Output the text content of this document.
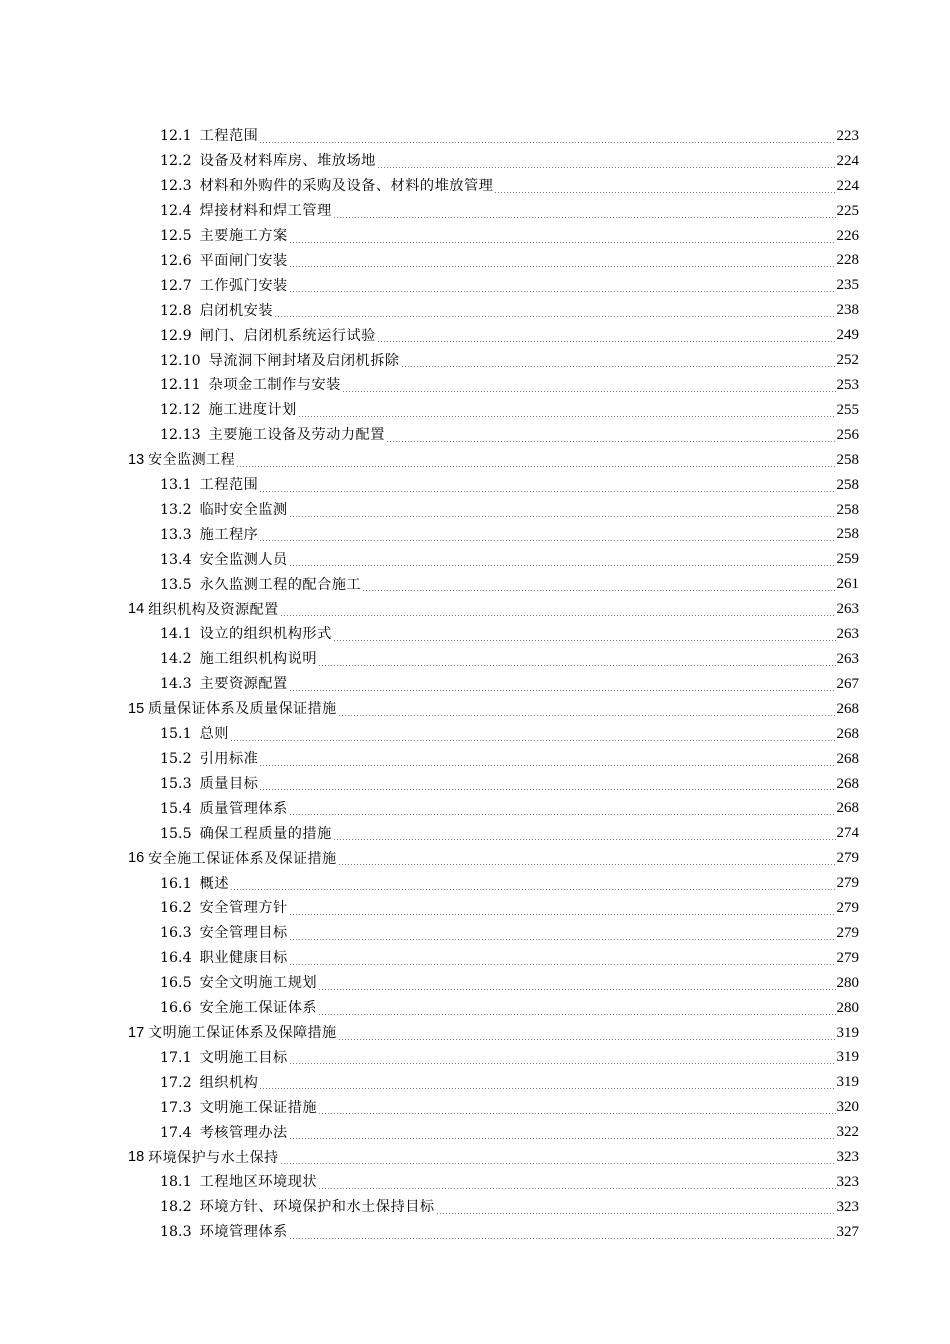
12.1 工程范围	223
12.2 设备及材料库房、堆放场地	224
12.3 材料和外购件的采购及设备、材料的堆放管理	224
12.4 焊接材料和焊工管理	225
12.5 主要施工方案	226
12.6 平面闸门安装	228
12.7 工作弧门安装	235
12.8 启闭机安装	238
12.9 闸门、启闭机系统运行试验	249
12.10 导流洞下闸封堵及启闭机拆除	252
12.11 杂项金工制作与安装	253
12.12 施工进度计划	255
12.13 主要施工设备及劳动力配置	256
13 安全监测工程	258
13.1 工程范围	258
13.2 临时安全监测	258
13.3 施工程序	258
13.4 安全监测人员	259
13.5 永久监测工程的配合施工	261
14 组织机构及资源配置	263
14.1 设立的组织机构形式	263
14.2 施工组织机构说明	263
14.3 主要资源配置	267
15 质量保证体系及质量保证措施	268
15.1 总则	268
15.2 引用标准	268
15.3 质量目标	268
15.4 质量管理体系	268
15.5 确保工程质量的措施	274
16 安全施工保证体系及保证措施	279
16.1 概述	279
16.2 安全管理方针	279
16.3 安全管理目标	279
16.4 职业健康目标	279
16.5 安全文明施工规划	280
16.6 安全施工保证体系	280
17 文明施工保证体系及保障措施	319
17.1 文明施工目标	319
17.2 组织机构	319
17.3 文明施工保证措施	320
17.4 考核管理办法	322
18 环境保护与水土保持	323
18.1 工程地区环境现状	323
18.2 环境方针、环境保护和水土保持目标	323
18.3 环境管理体系	327
